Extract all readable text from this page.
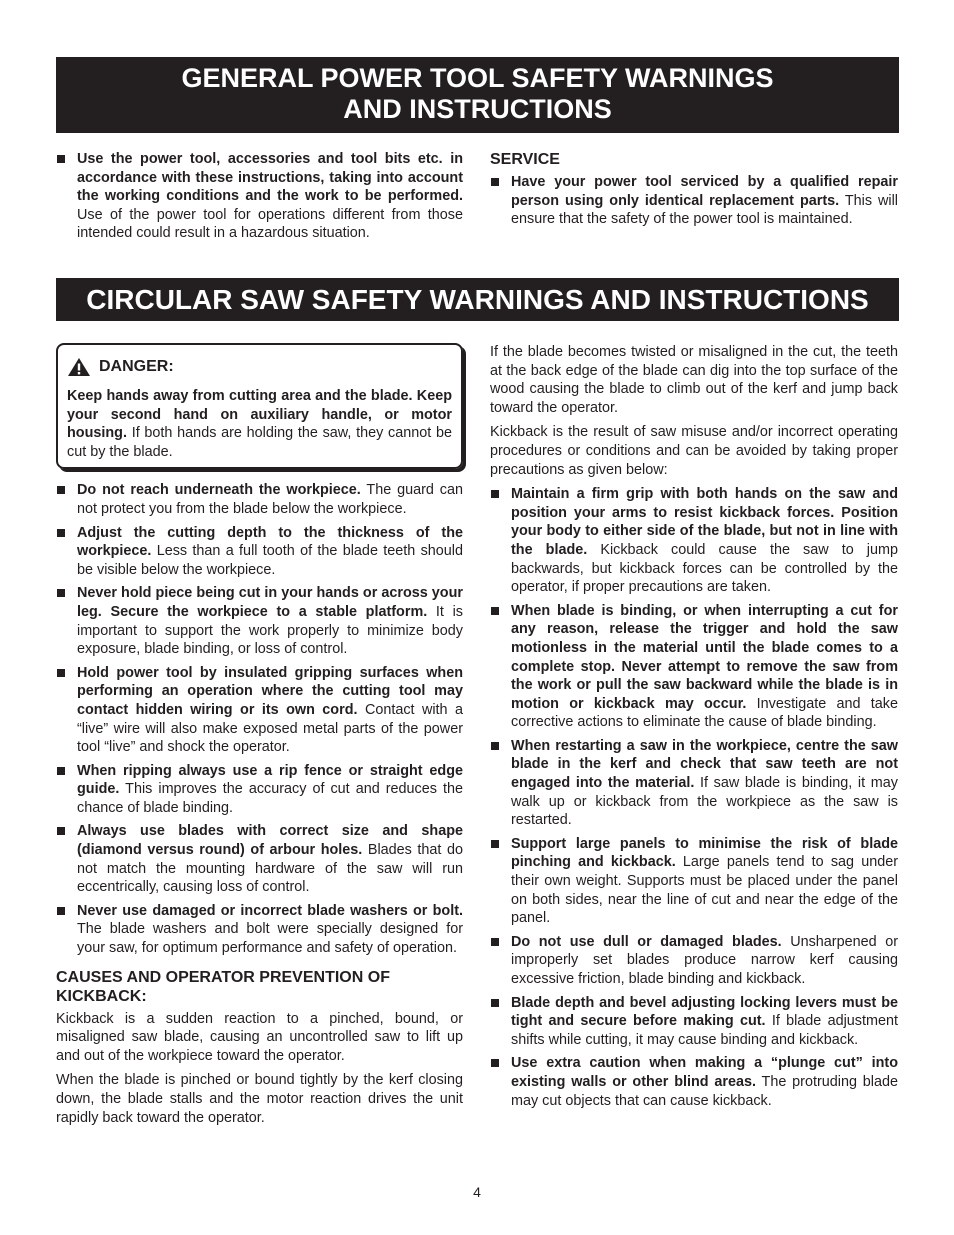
GENERAL POWER TOOL SAFETY WARNINGS
AND INSTRUCTIONS
Use the power tool, accessories and tool bits etc. in accordance with these instructions, taking into account the working conditions and the work to be performed. Use of the power tool for operations different from those intended could result in a hazardous situation.
SERVICE
Have your power tool serviced by a qualified repair person using only identical replacement parts. This will ensure that the safety of the power tool is maintained.
CIRCULAR SAW SAFETY WARNINGS AND INSTRUCTIONS
DANGER:
Keep hands away from cutting area and the blade. Keep your second hand on auxiliary handle, or motor housing. If both hands are holding the saw, they cannot be cut by the blade.
Do not reach underneath the workpiece. The guard can not protect you from the blade below the workpiece.
Adjust the cutting depth to the thickness of the workpiece. Less than a full tooth of the blade teeth should be visible below the workpiece.
Never hold piece being cut in your hands or across your leg. Secure the workpiece to a stable platform. It is important to support the work properly to minimize body exposure, blade binding, or loss of control.
Hold power tool by insulated gripping surfaces when performing an operation where the cutting tool may contact hidden wiring or its own cord. Contact with a “live” wire will also make exposed metal parts of the power tool “live” and shock the operator.
When ripping always use a rip fence or straight edge guide. This improves the accuracy of cut and reduces the chance of blade binding.
Always use blades with correct size and shape (diamond versus round) of arbour holes. Blades that do not match the mounting hardware of the saw will run eccentrically, causing loss of control.
Never use damaged or incorrect blade washers or bolt. The blade washers and bolt were specially designed for your saw, for optimum performance and safety of operation.
CAUSES AND OPERATOR PREVENTION OF KICKBACK:

Kickback is a sudden reaction to a pinched, bound, or misaligned saw blade, causing an uncontrolled saw to lift up and out of the workpiece toward the operator.

When the blade is pinched or bound tightly by the kerf closing down, the blade stalls and the motor reaction drives the unit rapidly back toward the operator.

If the blade becomes twisted or misaligned in the cut, the teeth at the back edge of the blade can dig into the top surface of the wood causing the blade to climb out of the kerf and jump back toward the operator.

Kickback is the result of saw misuse and/or incorrect operating procedures or conditions and can be avoided by taking proper precautions as given below:

Maintain a firm grip with both hands on the saw and position your arms to resist kickback forces. Position your body to either side of the blade, but not in line with the blade. Kickback could cause the saw to jump backwards, but kickback forces can be controlled by the operator, if proper precautions are taken.
When blade is binding, or when interrupting a cut for any reason, release the trigger and hold the saw motionless in the material until the blade comes to a complete stop. Never attempt to remove the saw from the work or pull the saw backward while the blade is in motion or kickback may occur. Investigate and take corrective actions to eliminate the cause of blade binding.
When restarting a saw in the workpiece, centre the saw blade in the kerf and check that saw teeth are not engaged into the material. If saw blade is binding, it may walk up or kickback from the workpiece as the saw is restarted.
Support large panels to minimise the risk of blade pinching and kickback. Large panels tend to sag under their own weight. Supports must be placed under the panel on both sides, near the line of cut and near the edge of the panel.
Do not use dull or damaged blades. Unsharpened or improperly set blades produce narrow kerf causing excessive friction, blade binding and kickback.
Blade depth and bevel adjusting locking levers must be tight and secure before making cut. If blade adjustment shifts while cutting, it may cause binding and kickback.
Use extra caution when making a “plunge cut” into existing walls or other blind areas. The protruding blade may cut objects that can cause kickback.
4
